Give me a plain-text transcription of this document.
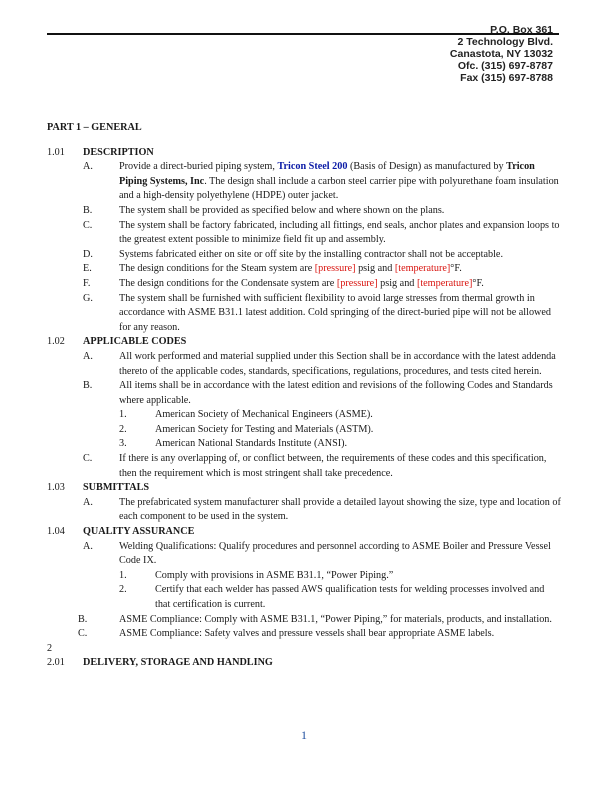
P.O. Box 361
2 Technology Blvd.
Canastota, NY 13032
Ofc. (315) 697-8787
Fax (315) 697-8788
PART 1 – GENERAL
1.01	DESCRIPTION
A.	Provide a direct-buried piping system, Tricon Steel 200 (Basis of Design) as manufactured by Tricon Piping Systems, Inc. The design shall include a carbon steel carrier pipe with polyurethane foam insulation and a high-density polyethylene (HDPE) outer jacket.
B.	The system shall be provided as specified below and where shown on the plans.
C.	The system shall be factory fabricated, including all fittings, end seals, anchor plates and expansion loops to the greatest extent possible to minimize field fit up and assembly.
D.	Systems fabricated either on site or off site by the installing contractor shall not be acceptable.
E.	The design conditions for the Steam system are [pressure] psig and [temperature]°F.
F.	The design conditions for the Condensate system are [pressure] psig and [temperature]°F.
G.	The system shall be furnished with sufficient flexibility to avoid large stresses from thermal growth in accordance with ASME B31.1 latest addition. Cold springing of the direct-buried pipe will not be allowed for any reason.
1.02	APPLICABLE CODES
A.	All work performed and material supplied under this Section shall be in accordance with the latest addenda thereto of the applicable codes, standards, specifications, regulations, procedures, and tests cited herein.
B.	All items shall be in accordance with the latest edition and revisions of the following Codes and Standards where applicable.
1.	American Society of Mechanical Engineers (ASME).
2.	American Society for Testing and Materials (ASTM).
3.	American National Standards Institute (ANSI).
C.	If there is any overlapping of, or conflict between, the requirements of these codes and this specification, then the requirement which is most stringent shall take precedence.
1.03	SUBMITTALS
A.	The prefabricated system manufacturer shall provide a detailed layout showing the size, type and location of each component to be used in the system.
1.04	QUALITY ASSURANCE
A.	Welding Qualifications: Qualify procedures and personnel according to ASME Boiler and Pressure Vessel Code IX.
1.	Comply with provisions in ASME B31.1, “Power Piping.”
2.	Certify that each welder has passed AWS qualification tests for welding processes involved and that certification is current.
B.	ASME Compliance: Comply with ASME B31.1, “Power Piping,” for materials, products, and installation.
C.	ASME Compliance: Safety valves and pressure vessels shall bear appropriate ASME labels.
2
2.01	DELIVERY, STORAGE AND HANDLING
1
